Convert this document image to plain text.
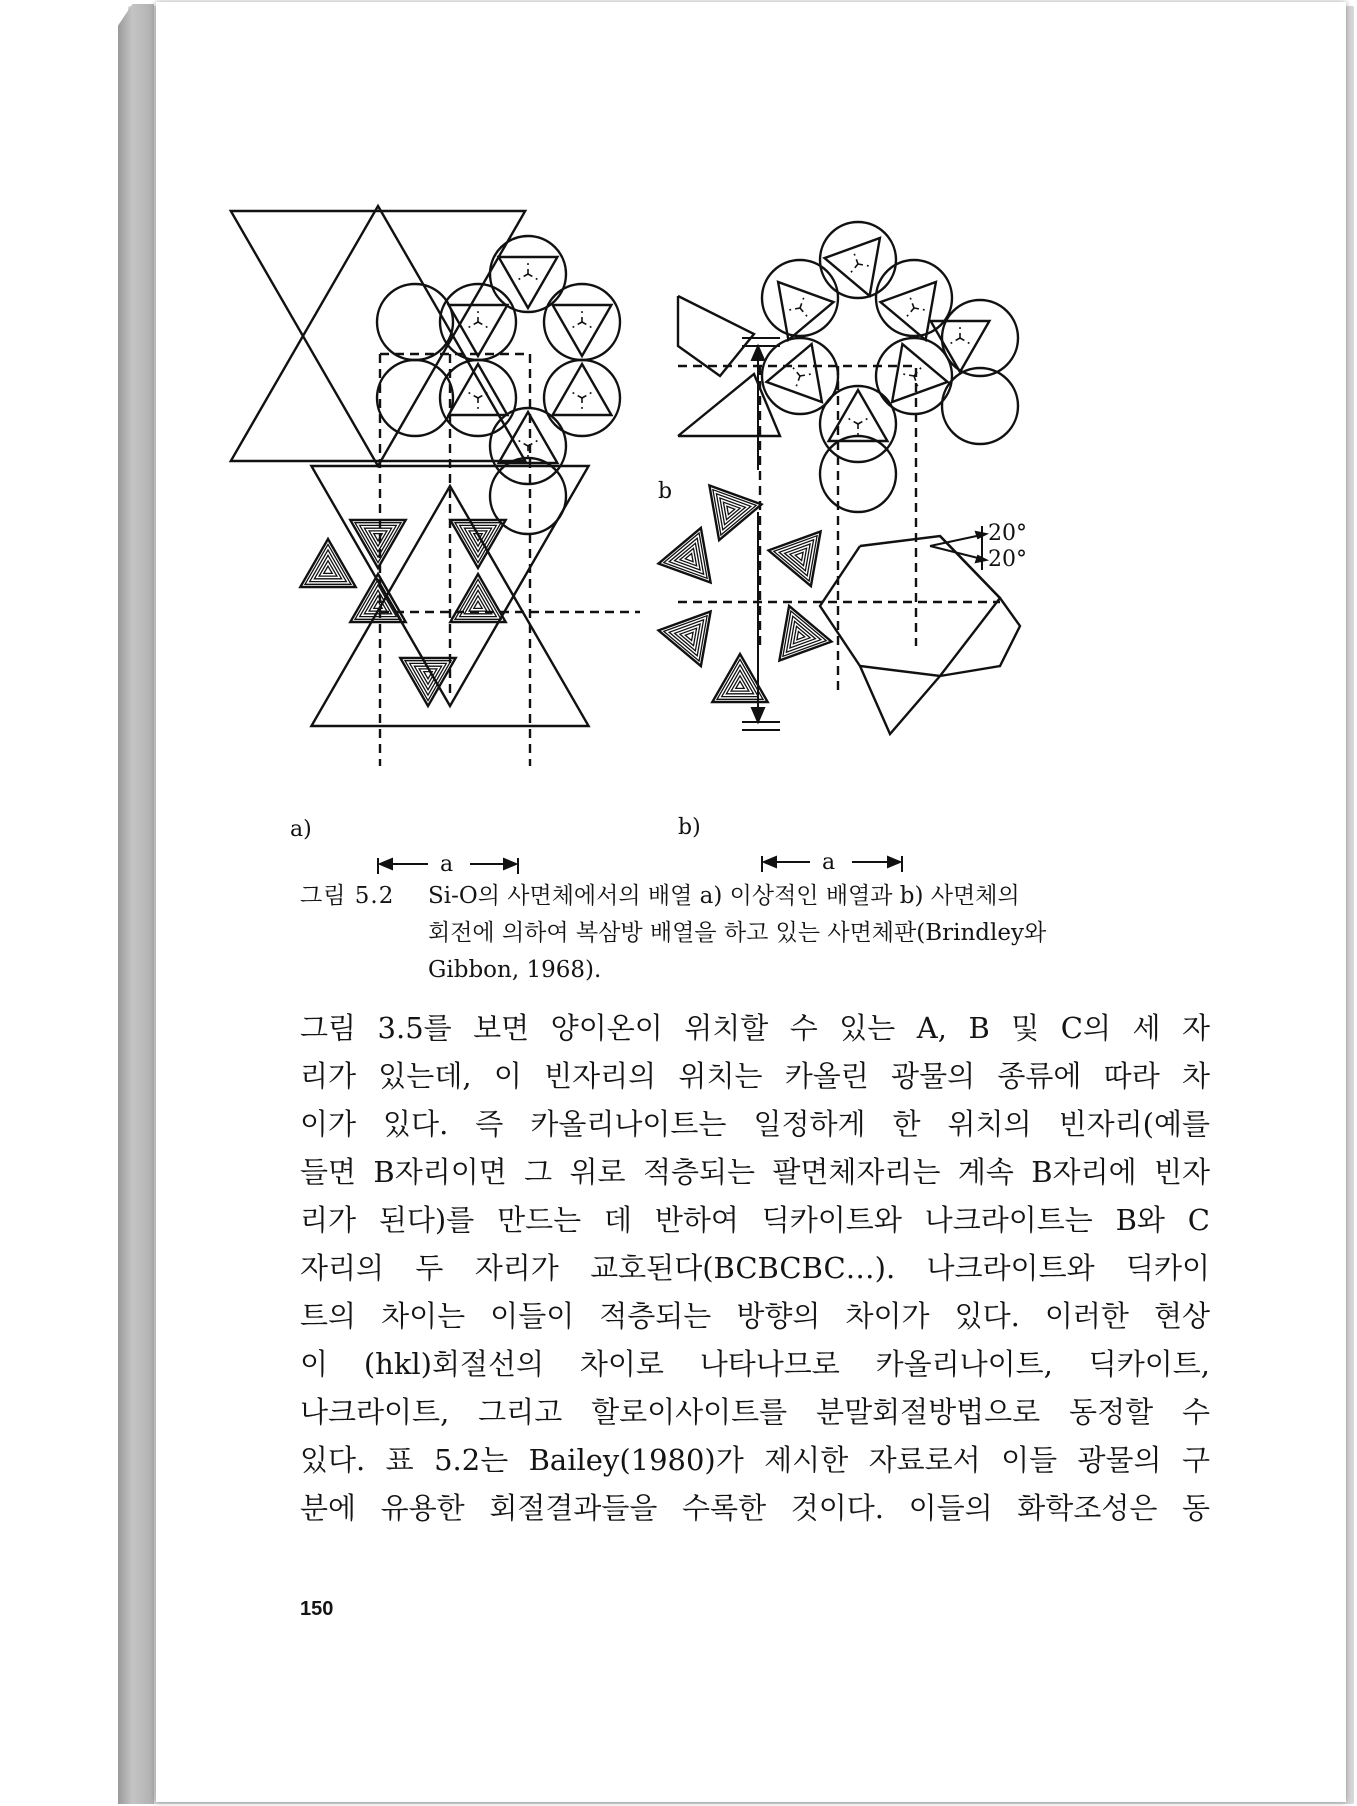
b
a	a
20°
20°
a)	b)
그림 5.2 Si-O의 사면체에서의 배열 a) 이상적인 배열과 b) 사면체의
회전에 의하여 복삼방 배열을 하고 있는 사면체판(Brindley와
Gibbon, 1968).
그림 3.5를 보면 양이온이 위치할 수 있는 A, B 및 C의 세 자
리가 있는데, 이 빈자리의 위치는 카올린 광물의 종류에 따라 차
이가 있다. 즉 카올리나이트는 일정하게 한 위치의 빈자리(예를
들면 B자리이면 그 위로 적층되는 팔면체자리는 계속 B자리에 빈자
리가 된다)를 만드는 데 반하여 딕카이트와 나크라이트는 B와 C
자리의 두 자리가 교호된다(BCBCBC…). 나크라이트와 딕카이
트의 차이는 이들이 적층되는 방향의 차이가 있다. 이러한 현상
이 (hkl)회절선의 차이로 나타나므로 카올리나이트, 딕카이트,
나크라이트, 그리고 할로이사이트를 분말회절방법으로 동정할 수
있다. 표 5.2는 Bailey(1980)가 제시한 자료로서 이들 광물의 구
분에 유용한 회절결과들을 수록한 것이다. 이들의 화학조성은 동
150
